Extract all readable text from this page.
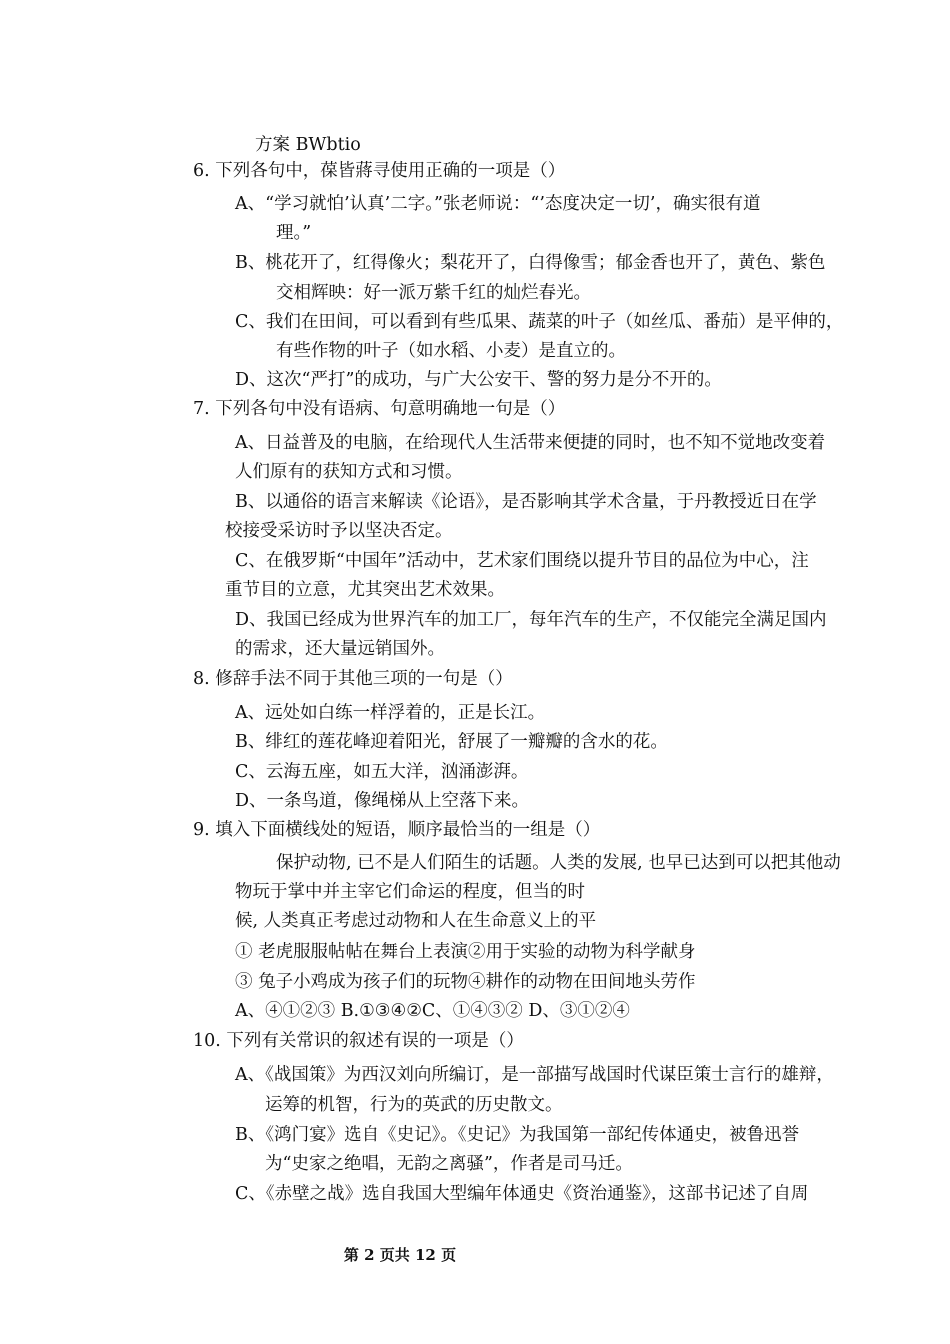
方案 BWbtio
6. 下列各句中，葆皆蔣寻使用正确的一项是（）
A、“学习就怕’认真’二字。”张老师说：“’态度决定一切’，确实很有道
理。”
B、桃花开了，红得像火；梨花开了，白得像雪；郁金香也开了，黄色、紫色
交相辉映：好一派万紫千红的灿烂春光。
C、我们在田间，可以看到有些瓜果、蔬菜的叶子（如丝瓜、番茄）是平伸的，
有些作物的叶子（如水稻、小麦）是直立的。
D、这次“严打”的成功，与广大公安干、警的努力是分不开的。
7. 下列各句中没有语病、句意明确地一句是（）
A、日益普及的电脑，在给现代人生活带来便捷的同时，也不知不觉地改变着
人们原有的获知方式和习惯。
B、以通俗的语言来解读《论语》，是否影响其学术含量，于丹教授近日在学
校接受采访时予以坚决否定。
C、在俄罗斯“中国年”活动中，艺术家们围绕以提升节目的品位为中心，注
重节目的立意，尤其突出艺术效果。
D、我国已经成为世界汽车的加工厂，每年汽车的生产，不仅能完全满足国内
的需求，还大量远销国外。
8. 修辞手法不同于其他三项的一句是（）
A、远处如白练一样浮着的，正是长江。
B、绯红的莲花峰迎着阳光，舒展了一瓣瓣的含水的花。
C、云海五座，如五大洋，汹涌澎湃。
D、一条鸟道，像绳梯从上空落下来。
9. 填入下面横线处的短语，顺序最恰当的一组是（）
保护动物, 已不是人们陌生的话题。人类的发展, 也早已达到可以把其他动
物玩于掌中并主宰它们命运的程度，但当的时
候, 人类真正考虑过动物和人在生命意义上的平
① 老虎服服帖帖在舞台上表演②用于实验的动物为科学献身
③ 兔子小鸡成为孩子们的玩物④耕作的动物在田间地头劳作
A、④①②③ B.①③④②C、①④③② D、③①②④
10. 下列有关常识的叙述有误的一项是（）
A、《战国策》为西汉刘向所编订，是一部描写战国时代谋臣策士言行的雄辩，
运筹的机智，行为的英武的历史散文。
B、《鸿门宴》选自《史记》。《史记》为我国第一部纪传体通史，被鲁迅誉
为“史家之绝唱，无韵之离骚”，作者是司马迁。
C、《赤壁之战》选自我国大型编年体通史《资治通鉴》，这部书记述了自周
第 2 页共 12 页
